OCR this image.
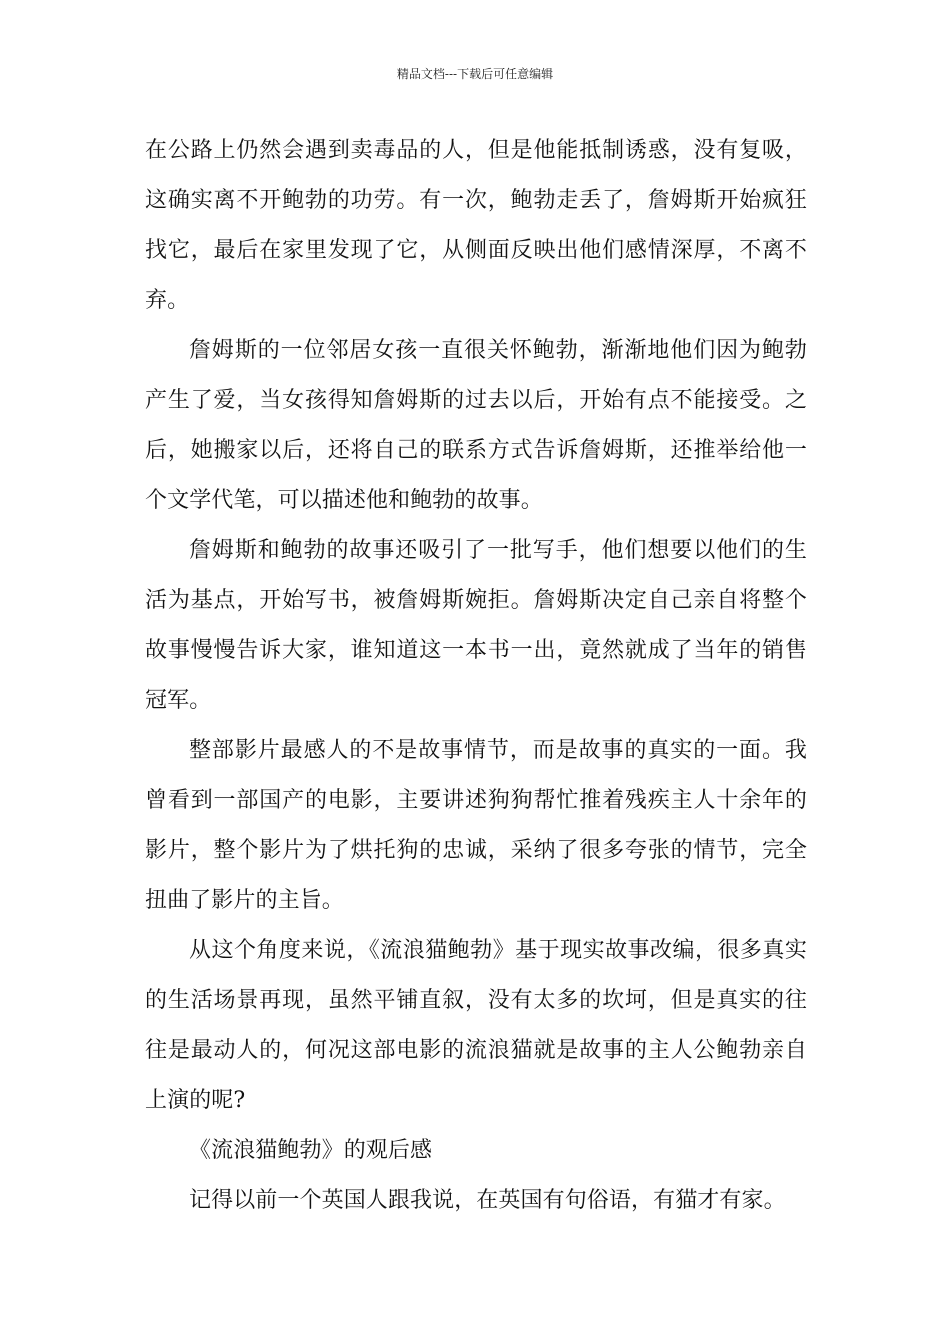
精品文档---下载后可任意编辑

在公路上仍然会遇到卖毒品的人，但是他能抵制诱惑，没有复吸，这确实离不开鲍勃的功劳。有一次，鲍勃走丢了，詹姆斯开始疯狂找它，最后在家里发现了它，从侧面反映出他们感情深厚，不离不弃。

詹姆斯的一位邻居女孩一直很关怀鲍勃，渐渐地他们因为鲍勃产生了爱，当女孩得知詹姆斯的过去以后，开始有点不能接受。之后，她搬家以后，还将自己的联系方式告诉詹姆斯，还推举给他一个文学代笔，可以描述他和鲍勃的故事。

詹姆斯和鲍勃的故事还吸引了一批写手，他们想要以他们的生活为基点，开始写书，被詹姆斯婉拒。詹姆斯决定自己亲自将整个故事慢慢告诉大家，谁知道这一本书一出，竟然就成了当年的销售冠军。

整部影片最感人的不是故事情节，而是故事的真实的一面。我曾看到一部国产的电影，主要讲述狗狗帮忙推着残疾主人十余年的影片，整个影片为了烘托狗的忠诚，采纳了很多夸张的情节，完全扭曲了影片的主旨。

从这个角度来说，《流浪猫鲍勃》基于现实故事改编，很多真实的生活场景再现，虽然平铺直叙，没有太多的坎坷，但是真实的往往是最动人的，何况这部电影的流浪猫就是故事的主人公鲍勃亲自上演的呢?

《流浪猫鲍勃》的观后感

记得以前一个英国人跟我说，在英国有句俗语，有猫才有家。
